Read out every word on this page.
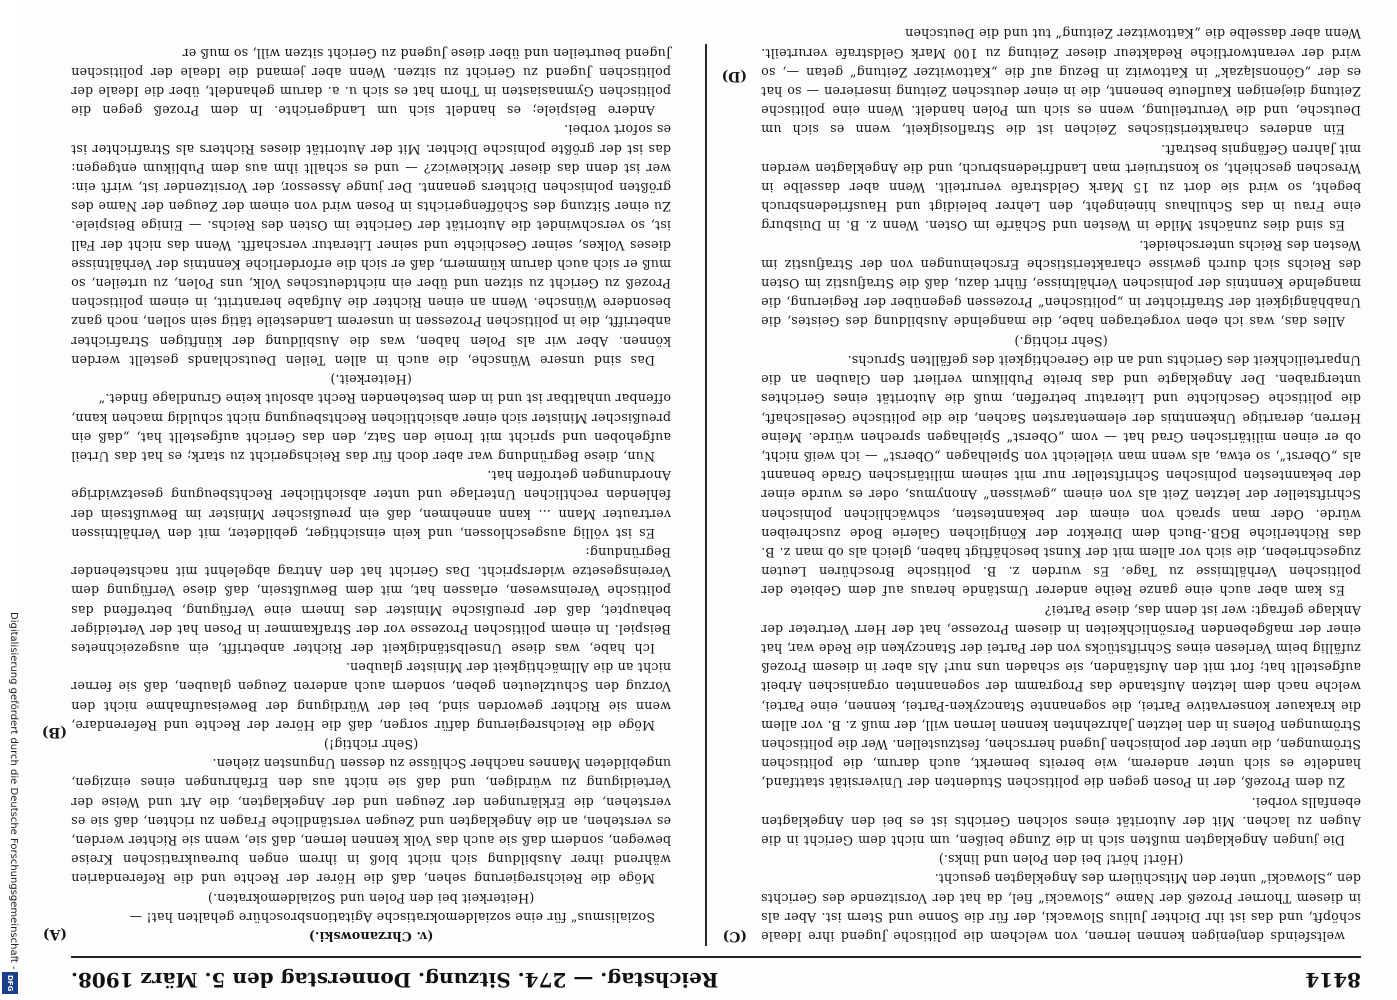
Digitalisierung gefördert durch die Deutsche Forschungsgemeinschaft -
DFG	8414
Reichstag. — 274. Sitzung. Donnerstag den 5. März 1908.

weltsfeinds denjenigen kennen lernen, von welchem die politische Jugend ihre Ideale schöpft, und das ist ihr Dichter Julius Slowacki, der für die Sonne und Stern ist. Aber als in diesem Thorner Prozeß der Name „Slowacki“ fiel, da hat der Vorsitzende des Gerichts den „Slowacki“ unter den Mitschülern des Angeklagten gesucht.

(Hört! hört! bei den Polen und links.)

Die jungen Angeklagten mußten sich in die Zunge beißen, um nicht dem Gericht in die Augen zu lachen. Mit der Autorität eines solchen Gerichts ist es bei den Angeklagten ebenfalls vorbei.

Zu dem Prozeß, der in Posen gegen die politischen Studenten der Universität stattfand, handelte es sich unter anderem, wie bereits bemerkt, auch darum, die politischen Strömungen, die unter der polnischen Jugend herrschen, festzustellen. Wer die politischen Strömungen Polens in den letzten Jahrzehnten kennen lernen will, der muß z. B. vor allem die krakauer konservative Partei, die sogenannte Stanczyken-Partei, kennen, eine Partei, welche nach dem letzten Aufstande das Programm der sogenannten organischen Arbeit aufgestellt hat; fort mit den Aufständen, sie schaden uns nur! Als aber in diesem Prozeß zufällig beim Verlesen eines Schriftstücks von der Partei der Stanczyken die Rede war, hat einer der maßgebenden Persönlichkeiten in diesem Prozesse, hat der Herr Vertreter der Anklage gefragt: wer ist denn das, diese Partei?

Es kam aber auch eine ganze Reihe anderer Umstände heraus auf dem Gebiete der politischen Verhältnisse zu Tage. Es wurden z. B. politische Broschüren Leuten zugeschrieben, die sich vor allem mit der Kunst beschäftigt haben, gleich als ob man z. B. das Richterliche BGB.-Buch dem Direktor der Königlichen Galerie Bode zuschreiben würde. Oder man sprach von einem der bekanntesten, schwächlichen polnischen Schriftsteller der letzten Zeit als von einem „gewissen“ Anonymus, oder es wurde einer der bekanntesten polnischen Schriftsteller nur mit seinem militärischen Grade benannt als „Oberst“, so etwa, als wenn man vielleicht von Spielhagen „Oberst“ — ich weiß nicht, ob er einen militärischen Grad hat — vom „Oberst“ Spielhagen sprechen würde. Meine Herren, derartige Unkenntnis der elementarsten Sachen, die die politische Gesellschaft, die politische Geschichte und Literatur betreffen, muß die Autorität eines Gerichtes untergraben. Der Angeklagte und das breite Publikum verliert den Glauben an die Unparteilichkeit des Gerichts und an die Gerechtigkeit des gefällten Spruchs.

(Sehr richtig.)

Alles das, was ich eben vorgetragen habe, die mangelnde Ausbildung des Geistes, die Unabhängigkeit der Strafrichter in „politischen“ Prozessen gegenüber der Regierung, die mangelnde Kenntnis der polnischen Verhältnisse, führt dazu, daß die Strafjustiz im Osten des Reichs sich durch gewisse charakteristische Erscheinungen von der Strafjustiz im Westen des Reichs unterscheidet.

Es sind dies zunächst Milde in Westen und Schärfe im Osten. Wenn z. B. in Duisburg eine Frau in das Schulhaus hineingeht, den Lehrer beleidigt und Hausfriedensbruch begeht, so wird sie dort zu 15 Mark Geldstrafe verurteilt. Wenn aber dasselbe in Wreschen geschieht, so konstruiert man Landfriedensbruch, und die Angeklagten werden mit Jahren Gefängnis bestraft.

Ein anderes charakteristisches Zeichen ist die Straflosigkeit, wenn es sich um Deutsche, und die Verurteilung, wenn es sich um Polen handelt. Wenn eine politische Zeitung diejenigen Kaufleute benennt, die in einer deutschen Zeitung inserieren — so hat es der „Gónonslązak“ in Kattowitz in Bezug auf die „Kattowitzer Zeitung“ getan —, so wird der verantwortliche Redakteur dieser Zeitung zu 100 Mark Geldstrafe verurteilt. Wenn aber dasselbe die „Kattowitzer Zeitung“ tut und die Deutschen

(v. Chrzanowski.)

Sozialismus“ für eine sozialdemokratische Agitationsbroschüre gehalten hat! —

(Heiterkeit bei den Polen und Sozialdemokraten.)

Möge die Reichsregierung sehen, daß die Hörer der Rechte und die Referendarien während ihrer Ausbildung sich nicht bloß in ihrem engen bureaukratischen Kreise bewegen, sondern daß sie auch das Volk kennen lernen, daß sie, wenn sie Richter werden, es verstehen, an die Angeklagten und Zeugen verständliche Fragen zu richten, daß sie es verstehen, die Erklärungen der Zeugen und der Angeklagten, die Art und Weise der Verteidigung zu würdigen, und daß sie nicht aus den Erfahrungen eines einzigen, ungebildeten Mannes nachher Schlüsse zu dessen Ungunsten ziehen.

(Sehr richtig!)

Möge die Reichsregierung dafür sorgen, daß die Hörer der Rechte und Referendare, wenn sie Richter geworden sind, bei der Würdigung der Beweisaufnahme nicht den Vorzug den Schutzleuten geben, sondern auch anderen Zeugen glauben, daß sie ferner nicht an die Allmächtigkeit der Minister glauben.

Ich habe, was diese Unselbständigkeit der Richter anbetrifft, ein ausgezeichnetes Beispiel. In einem politischen Prozesse vor der Strafkammer in Posen hat der Verteidiger behauptet, daß der preußische Minister des Innern eine Verfügung, betreffend das politische Vereinswesen, erlassen hat, mit dem Bewußtsein, daß diese Verfügung dem Vereinsgesetze widerspricht. Das Gericht hat den Antrag abgelehnt mit nachstehender Begründung:

Es ist völlig ausgeschlossen, und kein einsichtiger, gebildeter, mit den Verhältnissen vertrauter Mann ... kann annehmen, daß ein preußischer Minister im Bewußtsein der fehlenden rechtlichen Unterlage und unter absichtlicher Rechtsbeugung gesetzwidrige Anordnungen getroffen hat.

Nun, diese Begründung war aber doch für das Reichsgericht zu stark; es hat das Urteil aufgehoben und spricht mit Ironie den Satz, den das Gericht aufgestellt hat, „daß ein preußischer Minister sich einer absichtlichen Rechtsbeugung nicht schuldig machen kann, offenbar unhaltbar ist und in dem bestehenden Recht absolut keine Grundlage findet.“

(Heiterkeit.)

Das sind unsere Wünsche, die auch in allen Teilen Deutschlands gestellt werden können. Aber wir als Polen haben, was die Ausbildung der künftigen Strafrichter anbetrifft, die in politischen Prozessen in unserem Landesteile tätig sein sollen, noch ganz besondere Wünsche. Wenn an einen Richter die Aufgabe herantritt, in einem politischen Prozeß zu Gericht zu sitzen und über ein nichtdeutsches Volk, uns Polen, zu urteilen, so muß er sich auch darum kümmern, daß er sich die erforderliche Kenntnis der Verhältnisse dieses Volkes, seiner Geschichte und seiner Literatur verschafft. Wenn das nicht der Fall ist, so verschwindet die Autorität der Gerichte im Osten des Reichs. — Einige Beispiele. Zu einer Sitzung des Schöffengerichts in Posen wird von einem der Zeugen der Name des größten polnischen Dichters genannt. Der junge Assessor, der Vorsitzender ist, wirft ein: wer ist denn das dieser Mickiewicz? — und es schallt ihm aus dem Publikum entgegen: das ist der größte polnische Dichter. Mit der Autorität dieses Richters als Strafrichter ist es sofort vorbei.

Andere Beispiele; es handelt sich um Landgerichte. In dem Prozeß gegen die politischen Gymnasiasten in Thorn hat es sich u. a. darum gehandelt, über die Ideale der politischen Jugend zu Gericht zu sitzen. Wenn aber jemand die Ideale der politischen Jugend beurteilen und über diese Jugend zu Gericht sitzen will, so muß er

(C)
(D)
(A)
(B)
